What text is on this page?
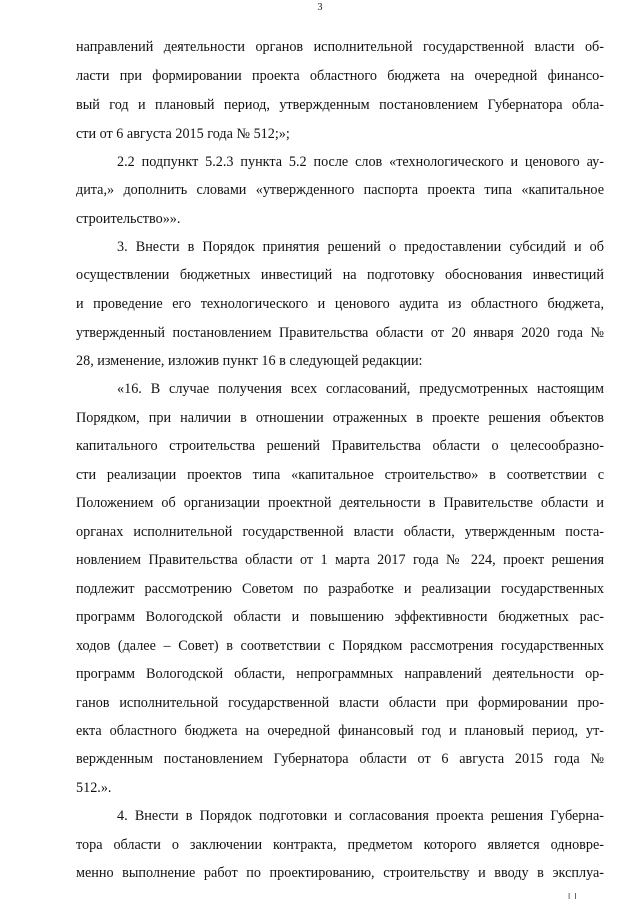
3
направлений деятельности органов исполнительной государственной власти об-
ласти при формировании проекта областного бюджета на очередной финансо-
вый год и плановый период, утвержденным постановлением Губернатора обла-
сти от 6 августа 2015 года № 512;»;
2.2 подпункт 5.2.3 пункта 5.2 после слов «технологического и ценового ау-
дита,» дополнить словами «утвержденного паспорта проекта типа «капитальное
строительство»».
3. Внести в Порядок принятия решений о предоставлении субсидий и об
осуществлении бюджетных инвестиций на подготовку обоснования инвестиций
и проведение его технологического и ценового аудита из областного бюджета,
утвержденный постановлением Правительства области от 20 января 2020 года №
28, изменение, изложив пункт 16 в следующей редакции:
«16. В случае получения всех согласований, предусмотренных настоящим
Порядком, при наличии в отношении отраженных в проекте решения объектов
капитального строительства решений Правительства области о целесообразно-
сти реализации проектов типа «капитальное строительство» в соответствии с
Положением об организации проектной деятельности в Правительстве области и
органах исполнительной государственной власти области, утвержденным поста-
новлением Правительства области от 1 марта 2017 года № 224, проект решения
подлежит рассмотрению Советом по разработке и реализации государственных
программ Вологодской области и повышению эффективности бюджетных рас-
ходов (далее – Совет) в соответствии с Порядком рассмотрения государственных
программ Вологодской области, непрограммных направлений деятельности ор-
ганов исполнительной государственной власти области при формировании про-
екта областного бюджета на очередной финансовый год и плановый период, ут-
вержденным постановлением Губернатора области от 6 августа 2015 года №
512.».
4. Внести в Порядок подготовки и согласования проекта решения Губерна-
тора области о заключении контракта, предметом которого является одновре-
менно выполнение работ по проектированию, строительству и вводу в эксплуа-
I I
